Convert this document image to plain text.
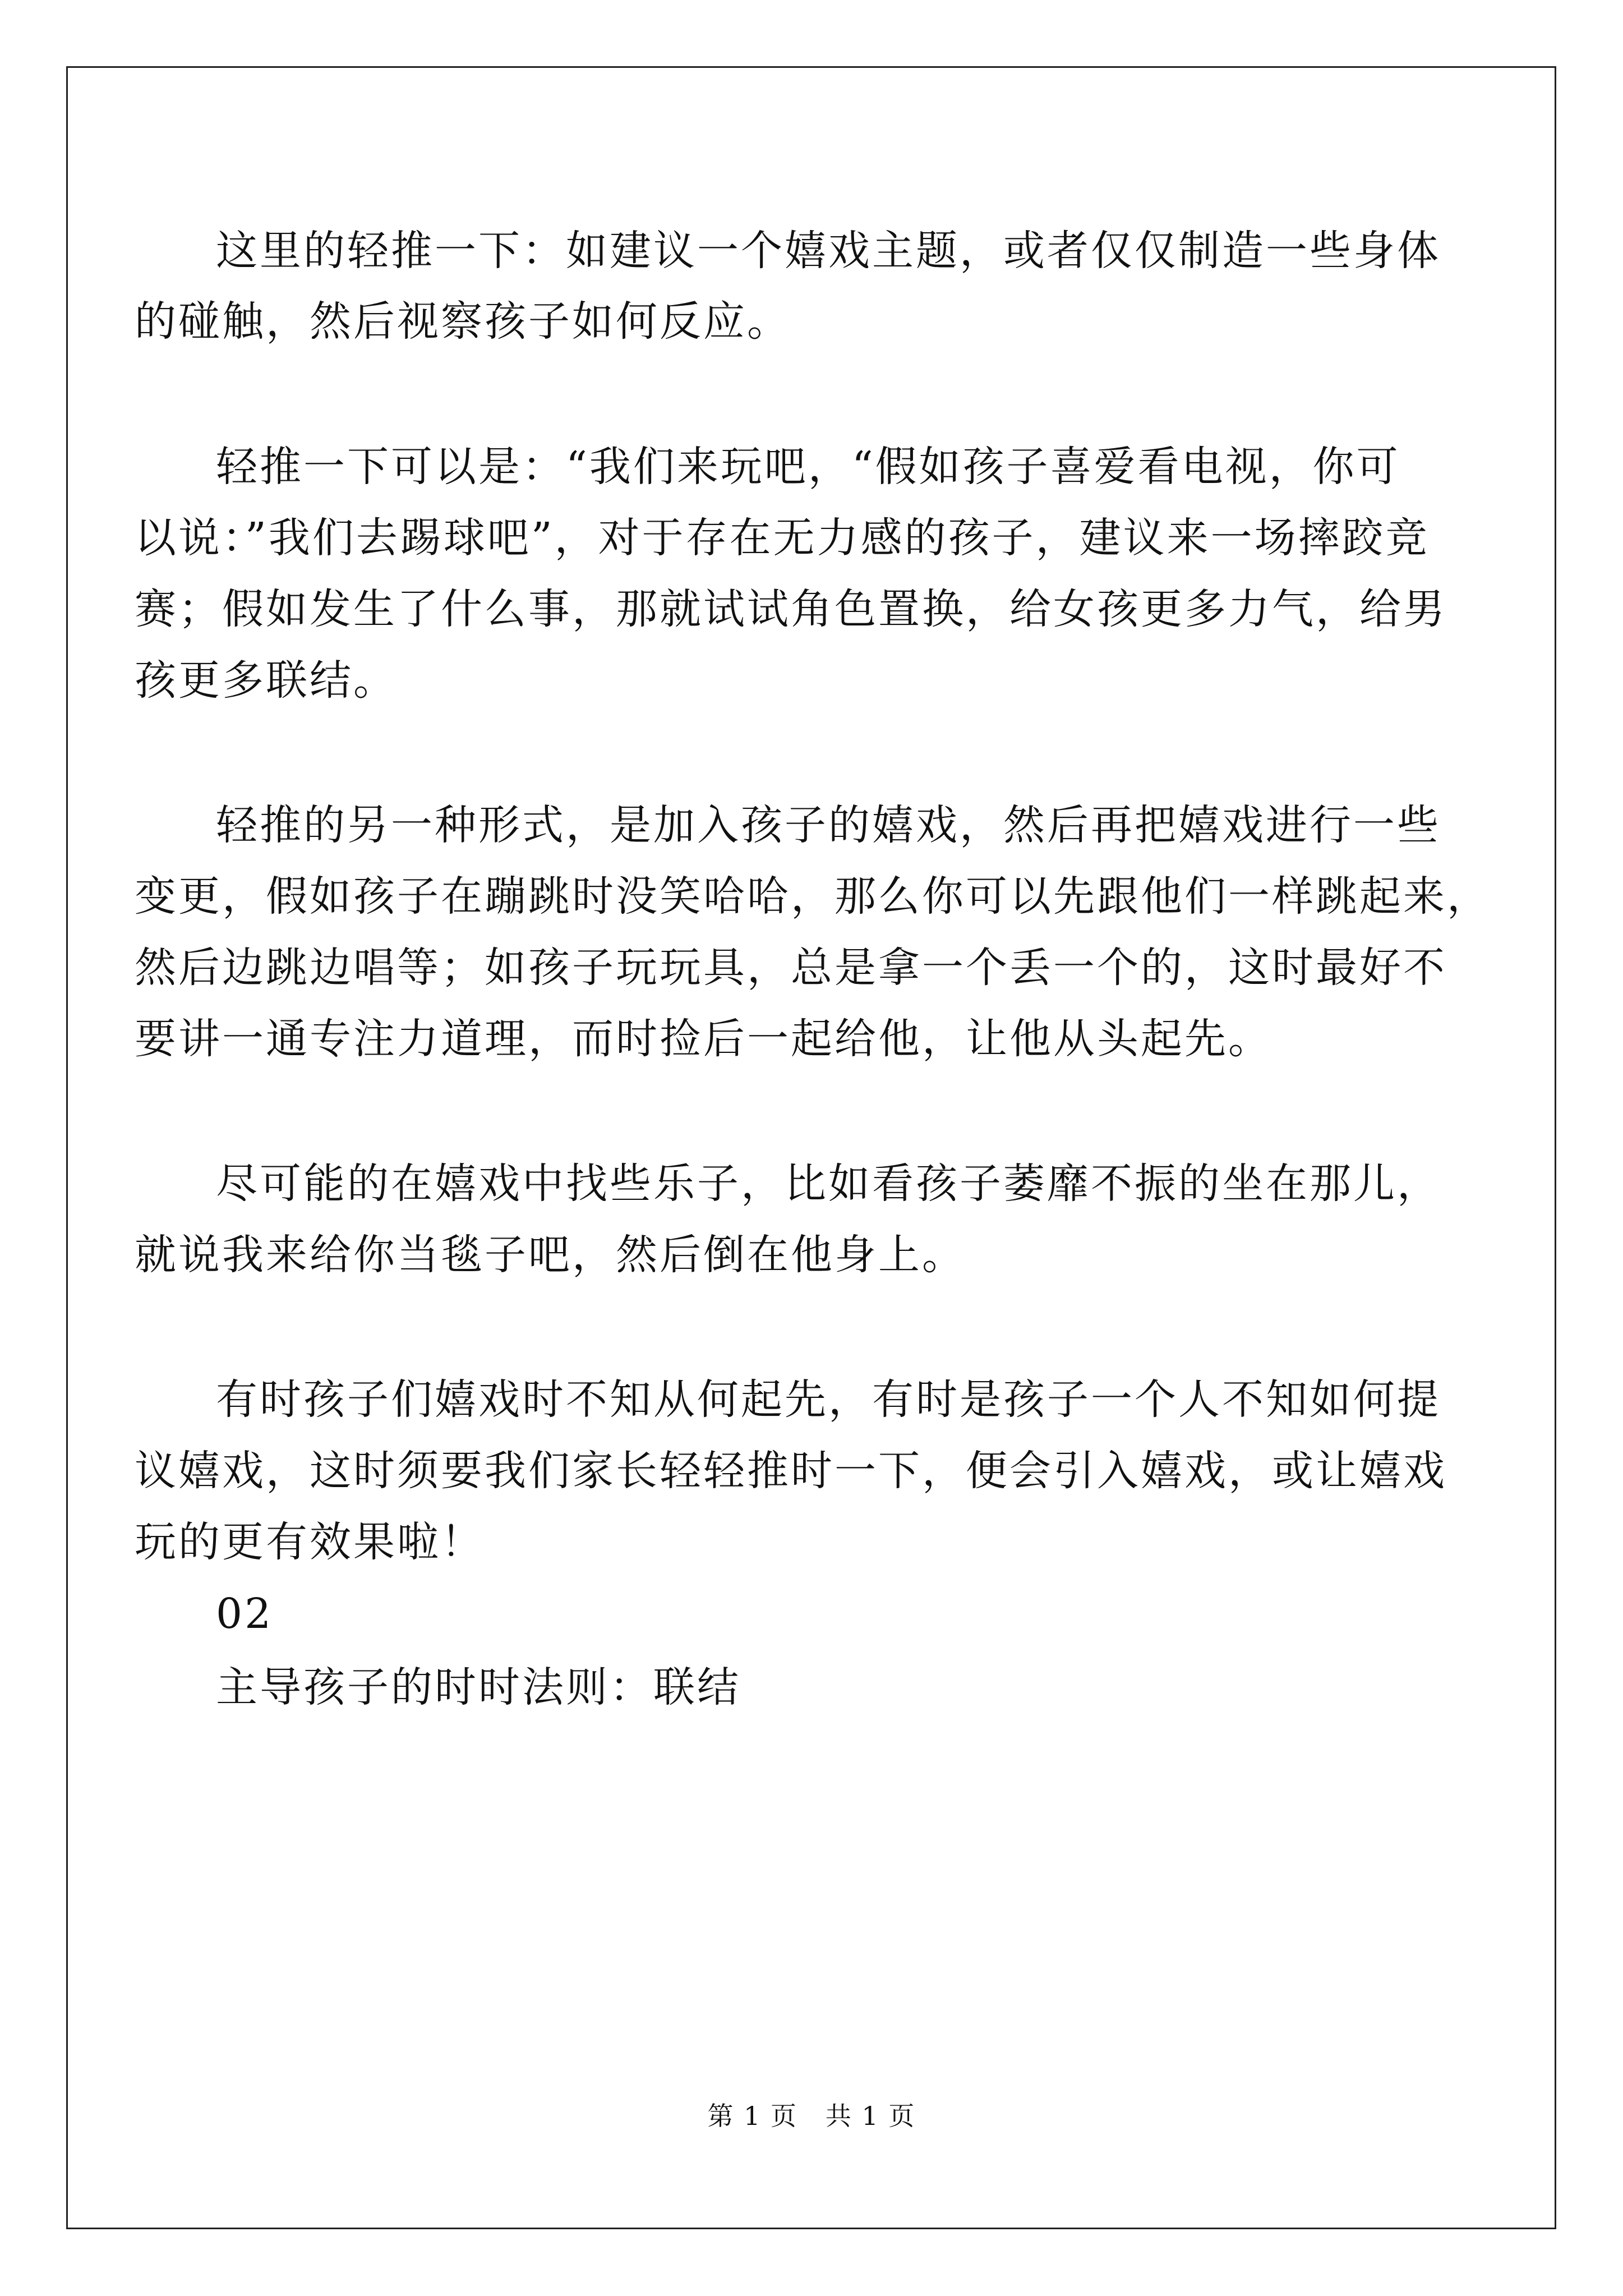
这里的轻推一下：如建议一个嬉戏主题，或者仅仅制造一些身体
的碰触，然后视察孩子如何反应。
轻推一下可以是：“我们来玩吧，“假如孩子喜爱看电视，你可
以说：”我们去踢球吧”，对于存在无力感的孩子，建议来一场摔跤竞
赛；假如发生了什么事，那就试试角色置换，给女孩更多力气，给男
孩更多联结。
轻推的另一种形式，是加入孩子的嬉戏，然后再把嬉戏进行一些
变更，假如孩子在蹦跳时没笑哈哈，那么你可以先跟他们一样跳起来，
然后边跳边唱等；如孩子玩玩具，总是拿一个丢一个的，这时最好不
要讲一通专注力道理，而时捡后一起给他，让他从头起先。
尽可能的在嬉戏中找些乐子，比如看孩子萎靡不振的坐在那儿，
就说我来给你当毯子吧，然后倒在他身上。
有时孩子们嬉戏时不知从何起先，有时是孩子一个人不知如何提
议嬉戏，这时须要我们家长轻轻推时一下，便会引入嬉戏，或让嬉戏
玩的更有效果啦！
02
主导孩子的时时法则：联结
第 1 页   共 1 页
